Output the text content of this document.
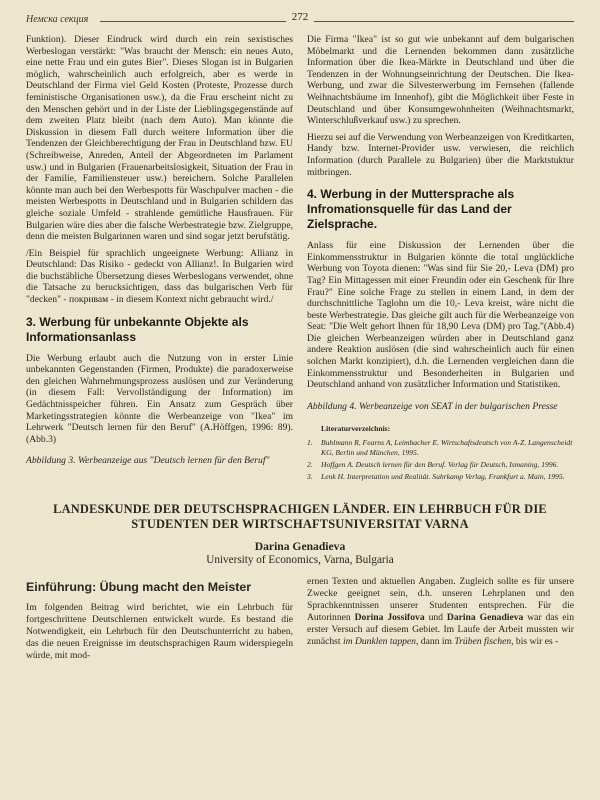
Немска секция	272

Funktion). Dieser Eindruck wird durch ein rein sexistisches Werbeslogan verstärkt: "Was braucht der Mensch: ein neues Auto, eine nette Frau und ein gutes Bier". Dieses Slogan ist in Bulgarien möglich, wahrscheinlich auch erfolgreich, aber es werde in Deutschland der Firma viel Geld Kosten (Proteste, Prozesse durch feministische Organisationen usw.), da die Frau erscheint nicht zu den Menschen gehört und in der Liste der Lieblingsgegenstände auf dem zweiten Platz bleibt (nach dem Auto). Man könnte die Diskussion in diesem Fall durch weitere Information über die Tendenzen der Gleichberechtigung der Frau in Deutschland bzw. EU (Schreibweise, Anreden, Anteil der Abgeordneten im Parlament usw.) und in Bulgarien (Frauenarbeitslosigkeit, Situation der Frau in der Familie, Familiensteuer usw.) bereichern. Solche Parallelen könnte man auch bei den Werbespotts für Waschpulver machen - die meisten Werbespotts in Deutschland und in Bulgarien schildern das gleiche soziale Umfeld - strahlende gemütliche Hausfrauen. Für Bulgarien wäre dies aber die falsche Werbestrategie bzw. Zielgruppe, denn die meisten Bulgarinnen waren und sind sogar jetzt berufstätig.

/Ein Beispiel für sprachlich ungeeignete Werbung: Allianz in Deutschland: Das Risiko - gedeckt von Allianz!. In Bulgarien wird die buchstäbliche Übersetzung dieses Werbeslogans verwendet, ohne die Tatsache zu berucksichtigen, dass das bulgarischen Verb für "decken" - покривам - in diesem Kontext nicht gebraucht wird./

3. Werbung für unbekannte Objekte als Informationsanlass

Die Werbung erlaubt auch die Nutzung von in erster Linie unbekannten Gegenstanden (Firmen, Produkte) die paradoxerweise den gleichen Wahrnehmungsprozess auslösen und zur Veränderung (in diesem Fall: Vervollständigung der Information) im Gedächtnisspeicher führen. Ein Ansatz zum Gespräch über Marketingsstrategien könnte die Werbeanzeige von "Ikea" im Lehrwerk "Deutsch lernen für den Beruf" (A.Höffgen, 1996: 89). (Abb.3)

Abbildung 3. Werbeanzeige aus "Deutsch lernen für den Beruf"

Die Firma "Ikea" ist so gut wie unbekannt auf dem bulgarischen Möbelmarkt und die Lernenden bekommen dann zusätzliche Information über die Ikea-Märkte in Deutschland und über die Tendenzen in der Wohnungseinrichtung der Deutschen. Die Ikea-Werbung, und zwar die Silvesterwerbung im Fernsehen (fallende Weihnachtsbäume im Innenhof), gibt die Möglichkeit über Feste in Deutschland und über Konsumgewohnheiten (Weihnachtsmarkt, Winterschlußverkauf usw.) zu sprechen.

Hierzu sei auf die Verwendung von Werbeanzeigen von Kreditkarten, Handy bzw. Internet-Provider usw. verwiesen, die reichlich Information (durch Parallele zu Bulgarien) über die Marktstuktur mitbringen.

4. Werbung in der Muttersprache als Infromationsquelle für das Land der Zielsprache.

Anlass für eine Diskussion der Lernenden über die Einkommensstruktur in Bulgarien könnte die total unglückliche Werbung von Toyota dienen: "Was sind für Sie 20,- Leva (DM) pro Tag? Ein Mittagessen mit einer Freundin oder ein Geschenk für Ihre Frau?" Eine solche Frage zu stellen in einem Land, in dem der durchschnittliche Taglohn um die 10,- Leva kreist, wäre nicht die beste Werbestrategie. Das gleiche gilt auch für die Werbeanzeige von Seat: "Die Welt gehort Ihnen für 18,90 Leva (DM) pro Tag."(Abb.4) Die gleichen Werbeanzeigen würden aber in Deutschland ganz andere Reaktion auslösen (die sind wahrscheinlich auch für einen solchen Markt konzipiert), d.h. die Lernenden vergleichen dann die Einkommensstruktur und Besonderheiten in Bulgarien und Deutschland anhand von zusätzlicher Information und Statistiken.

Abbildung 4. Werbeanzeige von SEAT in der bulgarischen Presse

Literaturverzeichnis:
1.	Buhlmann R, Fearns A, Leimbacher E. Wirtschaftsdeutsch von A-Z. Langenscheidt KG, Berlin und München, 1995.
2.	Hoffgen A. Deutsch lernen für den Beruf. Verlag für Deutsch, Ismaning, 1996.
3.	Lenk H. Interpretation und Realität. Suhrkamp Verlag, Frankfurt a. Main, 1995.

LANDESKUNDE DER DEUTSCHSPRACHIGEN LÄNDER. EIN LEHRBUCH FÜR DIE STUDENTEN DER WIRTSCHAFTSUNIVERSITAT VARNA

Darina Genadieva

University of Economics, Varna, Bulgaria

Einführung: Übung macht den Meister

Im folgenden Beitrag wird berichtet, wie ein Lehrbuch für fortgeschrittene Deutschlernen entwickelt wurde. Es bestand die Notwendigkeit, ein Lehrbuch für den Deutschunterricht zu haben, das die neuen Ereignisse im deutschsprachigen Raum widerspiegeln würde, mit mod-

ernen Texten und aktuellen Angaben. Zugleich sollte es für unsere Zwecke geeignet sein, d.h. unseren Lehrplanen und den Sprachkenntnissen unserer Studenten entsprechen. Für die Autorinnen Dorina Jossifova und Darina Genadieva war das ein erster Versuch auf diesem Gebiet. Im Laufe der Arbeit mussten wir zunächst im Dunklen tappen, dann im Trüben fischen, bis wir es -
